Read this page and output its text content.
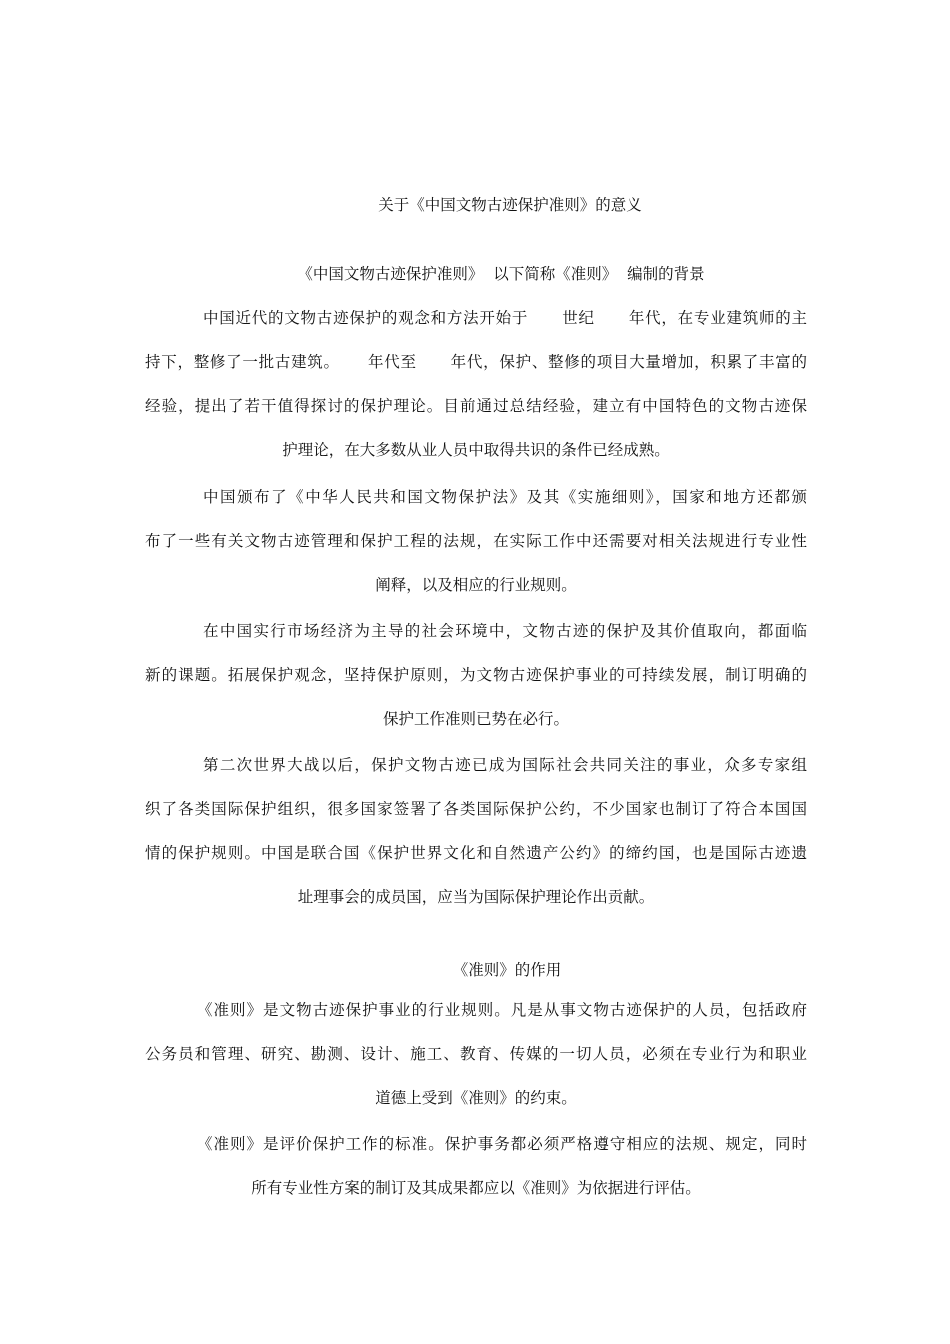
关于《中国文物古迹保护准则》的意义
《中国文物古迹保护准则》  以下简称《准则》  编制的背景
中国近代的文物古迹保护的观念和方法开始于      世纪      年代，在专业建筑师的主
持下，整修了一批古建筑。     年代至      年代，保护、整修的项目大量增加，积累了丰富的
经验，提出了若干值得探讨的保护理论。目前通过总结经验，建立有中国特色的文物古迹保
护理论，在大多数从业人员中取得共识的条件已经成熟。
中国颁布了《中华人民共和国文物保护法》及其《实施细则》，国家和地方还都颁
布了一些有关文物古迹管理和保护工程的法规，在实际工作中还需要对相关法规进行专业性
阐释，以及相应的行业规则。
在中国实行市场经济为主导的社会环境中，文物古迹的保护及其价值取向，都面临
新的课题。拓展保护观念，坚持保护原则，为文物古迹保护事业的可持续发展，制订明确的
保护工作准则已势在必行。
第二次世界大战以后，保护文物古迹已成为国际社会共同关注的事业，众多专家组
织了各类国际保护组织，很多国家签署了各类国际保护公约，不少国家也制订了符合本国国
情的保护规则。中国是联合国《保护世界文化和自然遗产公约》的缔约国，也是国际古迹遗
址理事会的成员国，应当为国际保护理论作出贡献。
《准则》的作用
《准则》是文物古迹保护事业的行业规则。凡是从事文物古迹保护的人员，包括政府
公务员和管理、研究、勘测、设计、施工、教育、传媒的一切人员，必须在专业行为和职业
道德上受到《准则》的约束。
《准则》是评价保护工作的标准。保护事务都必须严格遵守相应的法规、规定，同时
所有专业性方案的制订及其成果都应以《准则》为依据进行评估。
